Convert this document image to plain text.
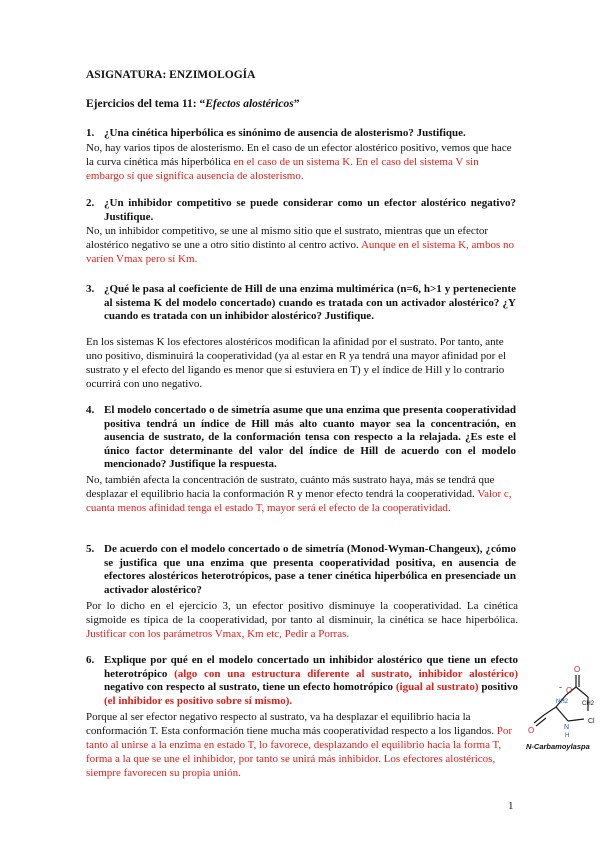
ASIGNATURA: ENZIMOLOGÍA
Ejercicios del tema 11: “Efectos alostéricos”
1. ¿Una cinética hiperbólica es sinónimo de ausencia de alosterismo? Justifique.
No, hay varios tipos de alosterismo. En el caso de un efector alostérico positivo, vemos que hace la curva cinética más hiperbólica en el caso de un sistema K. En el caso del sistema V sin embargo sí que significa ausencia de alosterismo.
2. ¿Un inhibidor competitivo se puede considerar como un efector alostérico negativo? Justifique.
No, un inhibidor competitivo, se une al mismo sitio que el sustrato, mientras que un efector alostérico negativo se une a otro sitio distinto al centro activo. Aunque en el sistema K, ambos no varíen Vmax pero sí Km.
3. ¿Qué le pasa al coeficiente de Hill de una enzima multimérica (n=6, h>1 y perteneciente al sistema K del modelo concertado) cuando es tratada con un activador alostérico? ¿Y cuando es tratada con un inhibidor alostérico? Justifique.
En los sistemas K los efectores alostéricos modifican la afinidad por el sustrato. Por tanto, ante uno positivo, disminuirá la cooperatividad (ya al estar en R ya tendrá una mayor afinidad por el sustrato y el efecto del ligando es menor que si estuviera en T) y el índice de Hill y lo contrario ocurrirá con uno negativo.
4. El modelo concertado o de simetría asume que una enzima que presenta cooperatividad positiva tendrá un índice de Hill más alto cuanto mayor sea la concentración, en ausencia de sustrato, de la conformación tensa con respecto a la relajada. ¿Es este el único factor determinante del valor del índice de Hill de acuerdo con el modelo mencionado? Justifique la respuesta.
No, también afecta la concentración de sustrato, cuánto más sustrato haya, más se tendrá que desplazar el equilibrio hacia la conformación R y menor efecto tendrá la cooperatividad. Valor c, cuanta menos afinidad tenga el estado T, mayor será el efecto de la cooperatividad.
5. De acuerdo con el modelo concertado o de simetría (Monod-Wyman-Changeux), ¿cómo se justifica que una enzima que presenta cooperatividad positiva, en ausencia de efectores alostéricos heterotrópicos, pase a tener cinética hiperbólica en presenciade un activador alostérico?
Por lo dicho en el ejercicio 3, un efector positivo disminuye la cooperatividad. La cinética sigmoide es típica de la cooperatividad, por tanto al disminuir, la cinética se hace hiperbólica. Justificar con los parámetros Vmax, Km etc, Pedir a Porras.
6. Explique por qué en el modelo concertado un inhibidor alostérico que tiene un efecto heterotrópico (algo con una estructura diferente al sustrato, inhibidor alostérico) negativo con respecto al sustrato, tiene un efecto homotrópico (igual al sustrato) positivo (el inhibidor es positivo sobre sí mismo).
Porque al ser efector negativo respecto al sustrato, va ha desplazar el equilibrio hacia la conformación T. Esta conformación tiene mucha más cooperatividad respecto a los ligandos. Por tanto al unirse a la enzima en estado T, lo favorece, desplazando el equilibrio hacia la forma T, forma a la que se une el inhibidor, por tanto se unirá más inhibidor. Los efectores alostéricos, siempre favorecen su propia unión.
O
- O
NH2 CH2
O	N
H
Cl
N-Carbamoylaspa
1
